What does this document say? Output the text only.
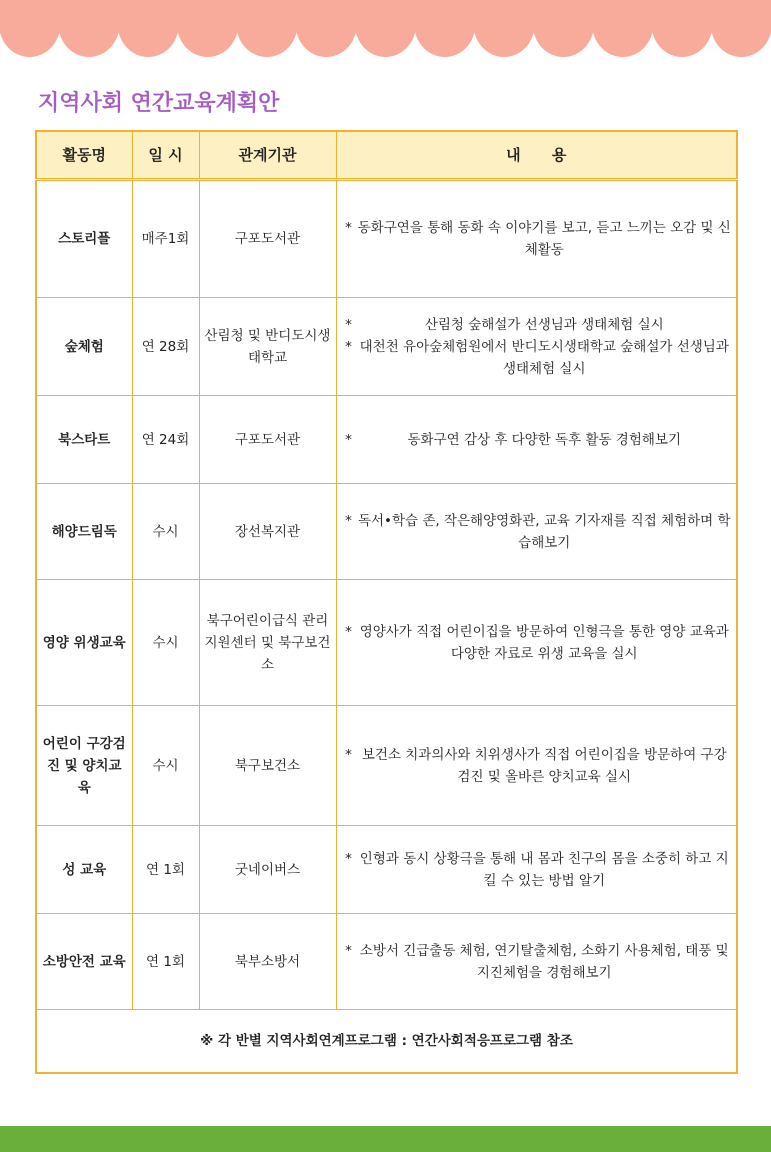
지역사회 연간교육계획안
활동명	일 시	관계기관	내      용
스토리플	매주1회	구포도서관	* 동화구연을 통해 동화 속 이야기를 보고, 듣고 느끼는 오감 및 신체활동

숲체험	연 28회	산림청 및 반디도시생태학교	* 산림청 숲해설가 선생님과 생태체험 실시
* 대천천 유아숲체험원에서 반디도시생태학교 숲해설가 선생님과 생태체험 실시

북스타트	연 24회	구포도서관	* 동화구연 감상 후 다양한 독후 활동 경험해보기

해양드림독	수시	장선복지관	* 독서•학습 존, 작은해양영화관, 교육 기자재를 직접 체험하며 학습해보기

영양 위생교육	수시	북구어린이급식 관리지원센터 및 북구보건소	* 영양사가 직접 어린이집을 방문하여 인형극을 통한 영양 교육과 다양한 자료로 위생 교육을 실시

어린이 구강검진 및 양치교육	수시	북구보건소	* 보건소 치과의사와 치위생사가 직접 어린이집을 방문하여 구강검진 및 올바른 양치교육 실시

성 교육	연 1회	굿네이버스	* 인형과 동시 상황극을 통해 내 몸과 친구의 몸을 소중히 하고 지킬 수 있는 방법 알기

소방안전 교육	연 1회	북부소방서	* 소방서 긴급출동 체험, 연기탈출체험, 소화기 사용체험, 태풍 및 지진체험을 경험해보기

※ 각 반별 지역사회연계프로그램 : 연간사회적응프로그램 참조			
